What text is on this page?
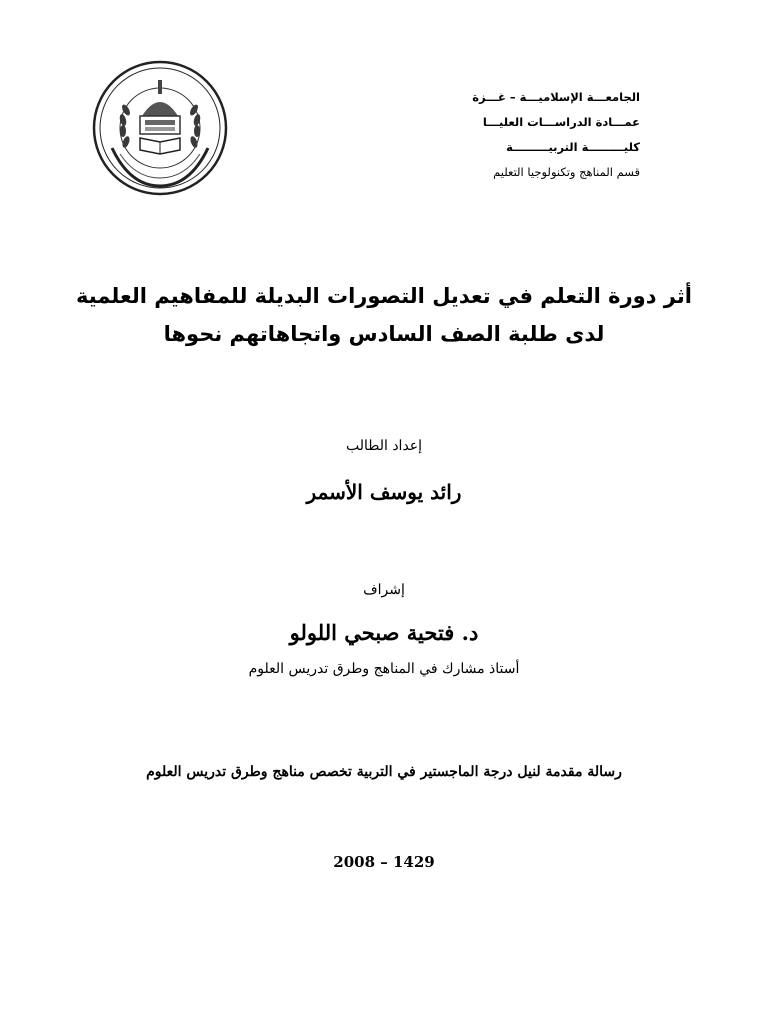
الجامعـــة الإسلاميـــة – غـــزة
عمـــادة الدراســـات العليـــا
كليـــــــــة التربيـــــــــة
قسم المناهج وتكنولوجيا التعليم
أثر دورة التعلم في تعديل التصورات البديلة للمفاهيم العلمية
لدى طلبة الصف السادس واتجاهاتهم نحوها
إعداد الطالب
رائد يوسف الأسمر
إشراف
د. فتحية صبحي اللولو
أستاذ مشارك في المناهج وطرق تدريس العلوم
رسالة مقدمة لنيل درجة الماجستير في التربية تخصص مناهج وطرق تدريس العلوم
2008 – 1429
